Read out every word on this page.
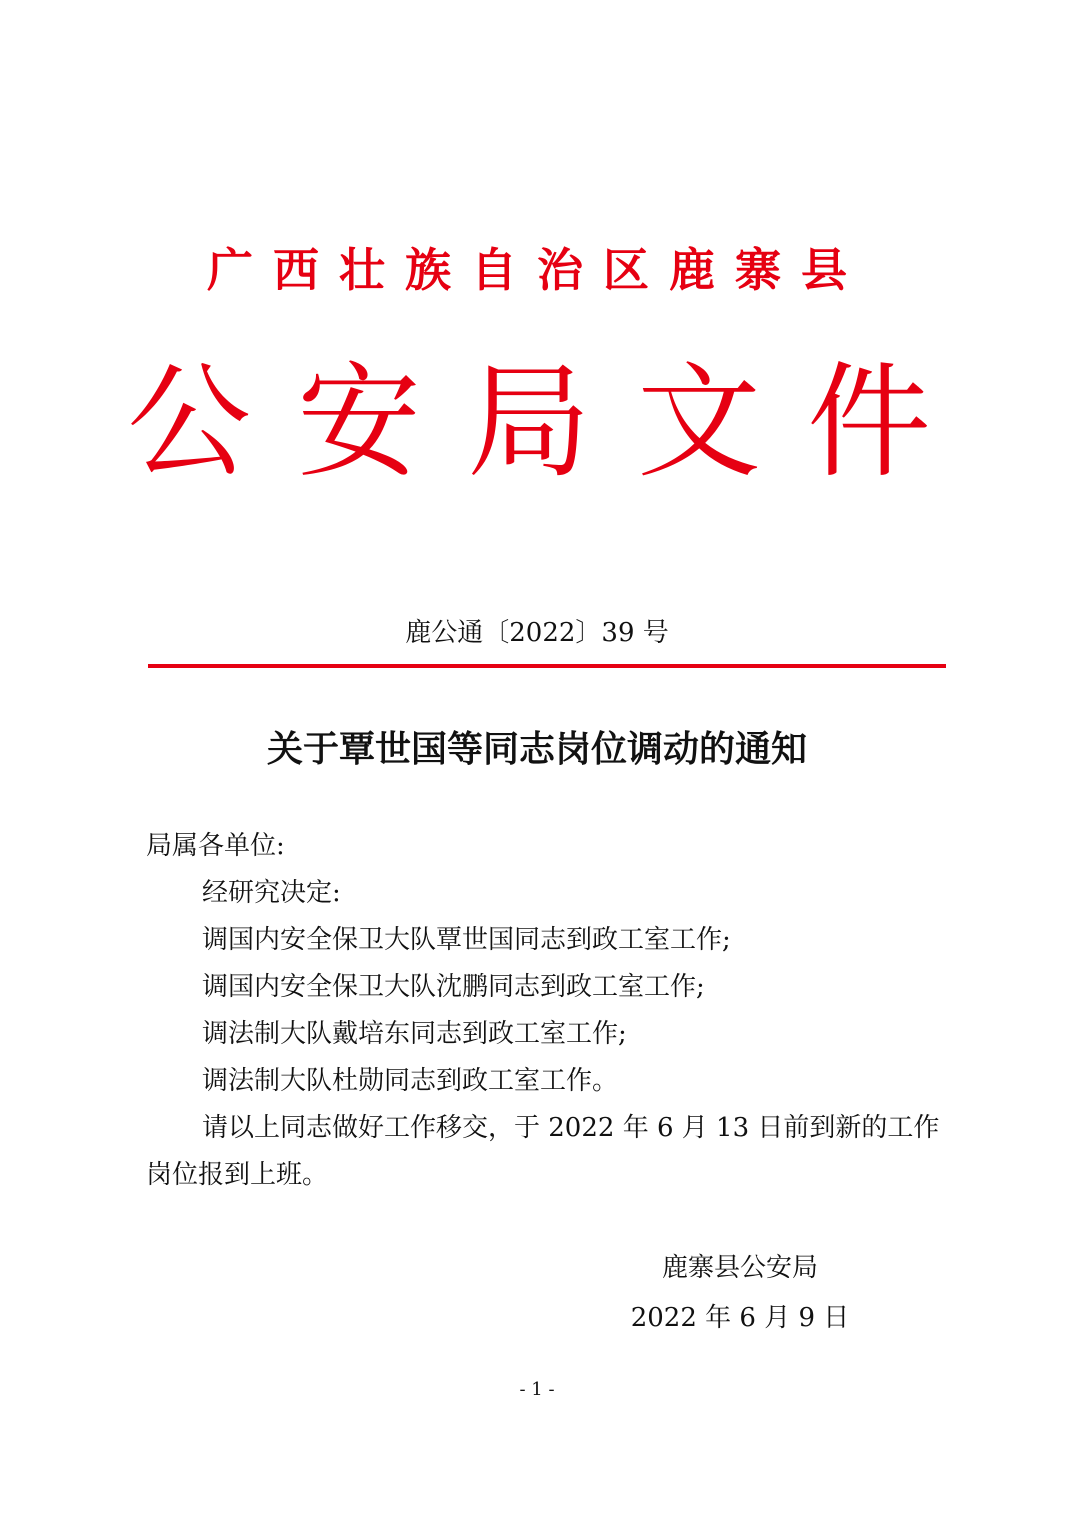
广西壮族自治区鹿寨县
公安局文件
鹿公通〔2022〕39 号
关于覃世国等同志岗位调动的通知

局属各单位:

经研究决定:

调国内安全保卫大队覃世国同志到政工室工作;

调国内安全保卫大队沈鹏同志到政工室工作;

调法制大队戴培东同志到政工室工作;

调法制大队杜勋同志到政工室工作。

请以上同志做好工作移交，于 2022 年 6 月 13 日前到新的工作岗位报到上班。

鹿寨县公安局
2022 年 6 月 9 日
- 1 -
